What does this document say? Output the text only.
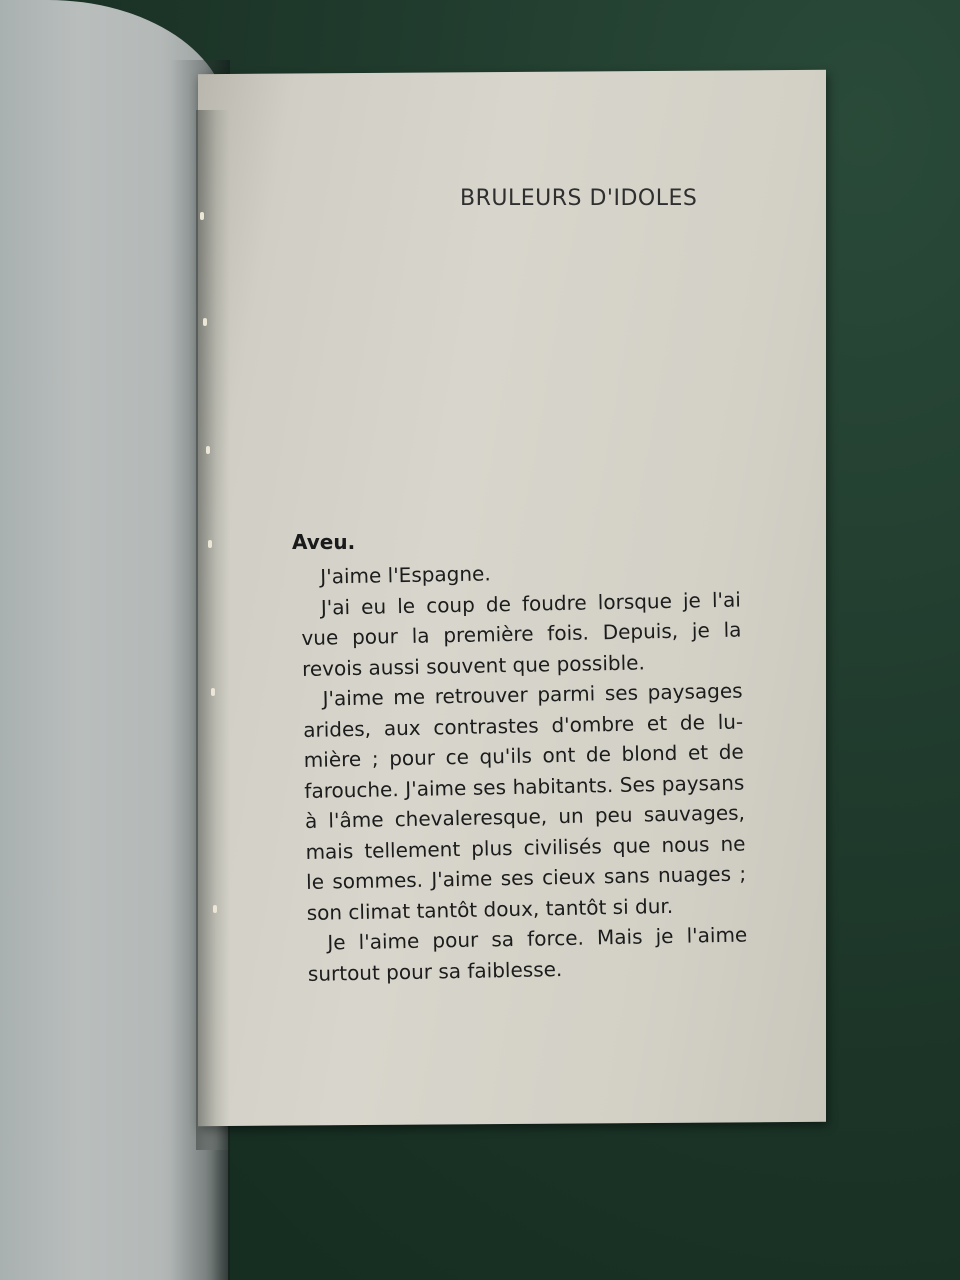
BRULEURS D'IDOLES
Aveu.
J'aime l'Espagne.
J'ai eu le coup de foudre lorsque je l'ai
vue pour la première fois. Depuis, je la
revois aussi souvent que possible.
J'aime me retrouver parmi ses paysages
arides, aux contrastes d'ombre et de lu-
mière ; pour ce qu'ils ont de blond et de
farouche. J'aime ses habitants. Ses paysans
à l'âme chevaleresque, un peu sauvages,
mais tellement plus civilisés que nous ne
le sommes. J'aime ses cieux sans nuages ;
son climat tantôt doux, tantôt si dur.
Je l'aime pour sa force. Mais je l'aime
surtout pour sa faiblesse.
